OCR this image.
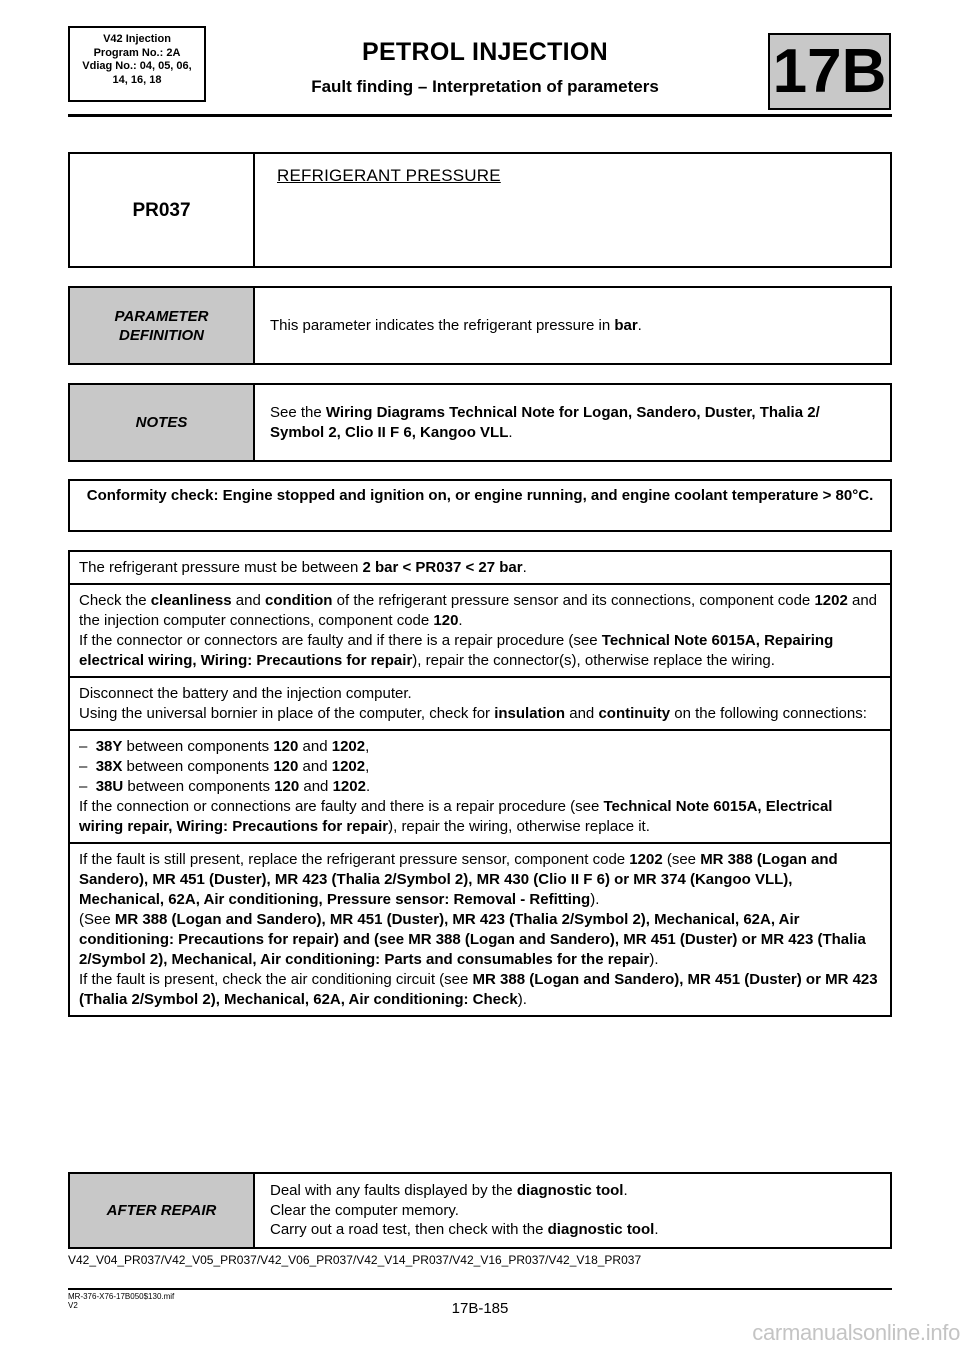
V42 Injection
Program No.: 2A
Vdiag No.: 04, 05, 06,
14, 16, 18
PETROL INJECTION
Fault finding – Interpretation of parameters	17B
PR037
REFRIGERANT PRESSURE
PARAMETER
DEFINITION
This parameter indicates the refrigerant pressure in bar.
NOTES
See the Wiring Diagrams Technical Note for Logan, Sandero, Duster, Thalia 2/ Symbol 2, Clio II F 6, Kangoo VLL.
Conformity check: Engine stopped and ignition on, or engine running, and engine coolant temperature > 80°C.
The refrigerant pressure must be between 2 bar < PR037 < 27 bar.
Check the cleanliness and condition of the refrigerant pressure sensor and its connections, component code 1202 and the injection computer connections, component code 120.
If the connector or connectors are faulty and if there is a repair procedure (see Technical Note 6015A, Repairing electrical wiring, Wiring: Precautions for repair), repair the connector(s), otherwise replace the wiring.
Disconnect the battery and the injection computer.
Using the universal bornier in place of the computer, check for insulation and continuity on the following connections:
–  38Y between components 120 and 1202,
–  38X between components 120 and 1202,
–  38U between components 120 and 1202.
If the connection or connections are faulty and there is a repair procedure (see Technical Note 6015A, Electrical wiring repair, Wiring: Precautions for repair), repair the wiring, otherwise replace it.
If the fault is still present, replace the refrigerant pressure sensor, component code 1202 (see MR 388 (Logan and Sandero), MR 451 (Duster), MR 423 (Thalia 2/Symbol 2), MR 430 (Clio II F 6) or MR 374 (Kangoo VLL), Mechanical, 62A, Air conditioning, Pressure sensor: Removal - Refitting).
(See MR 388 (Logan and Sandero), MR 451 (Duster), MR 423 (Thalia 2/Symbol 2), Mechanical, 62A, Air conditioning: Precautions for repair) and (see MR 388 (Logan and Sandero), MR 451 (Duster) or MR 423 (Thalia 2/Symbol 2), Mechanical, Air conditioning: Parts and consumables for the repair).
If the fault is present, check the air conditioning circuit (see MR 388 (Logan and Sandero), MR 451 (Duster) or MR 423 (Thalia 2/Symbol 2), Mechanical, 62A, Air conditioning: Check).
AFTER REPAIR
Deal with any faults displayed by the diagnostic tool.
Clear the computer memory.
Carry out a road test, then check with the diagnostic tool.
V42_V04_PR037/V42_V05_PR037/V42_V06_PR037/V42_V14_PR037/V42_V16_PR037/V42_V18_PR037
MR-376-X76-17B050$130.mif
V2	17B-185
carmanualsonline.info
